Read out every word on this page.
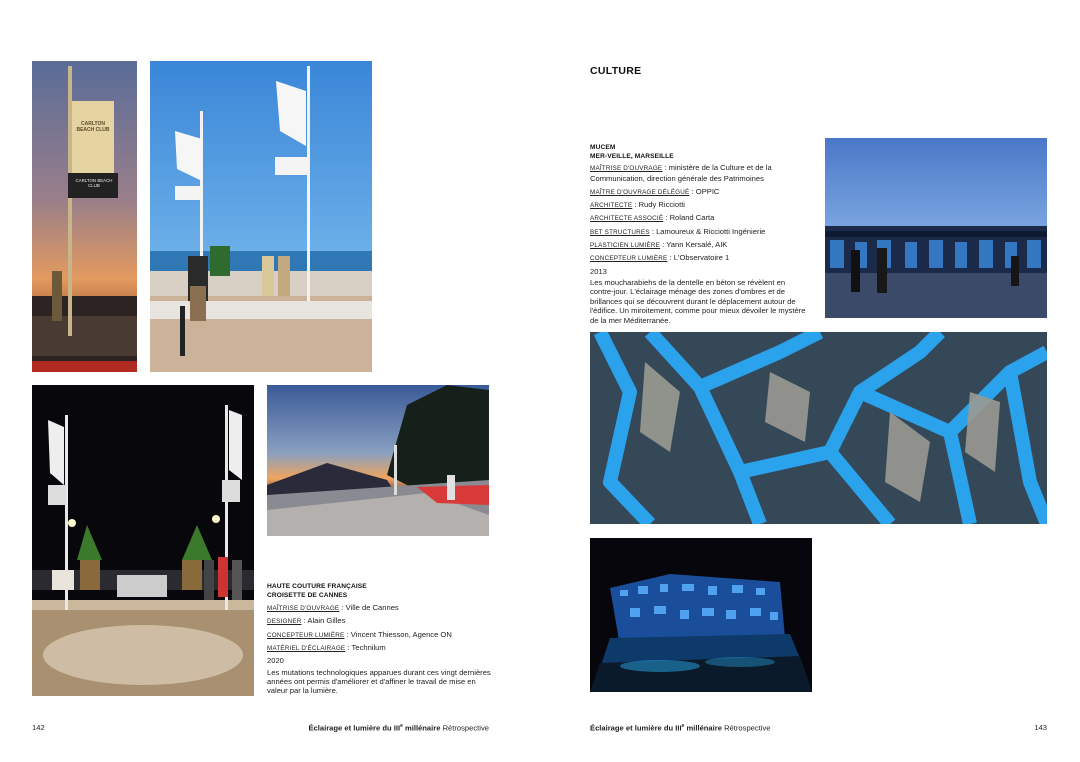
CARLTON BEACH CLUB
CARLTON BEACH CLUB
HAUTE COUTURE FRANÇAISE
CROISETTE DE CANNES
MAÎTRISE D'OUVRAGE : Ville de Cannes
DESIGNER : Alain Gilles
CONCEPTEUR LUMIÈRE : Vincent Thiesson, Agence ON
MATÉRIEL D'ÉCLAIRAGE : Technilum
2020
Les mutations technologiques apparues durant ces vingt dernières années ont permis d'améliorer et d'affiner le travail de mise en valeur par la lumière.
142	Éclairage et lumière du IIIe millénaire Rétrospective
CULTURE
MUCEM
MER-VEILLE, MARSEILLE
MAÎTRISE D'OUVRAGE : ministère de la Culture et de la Communication, direction générale des Patrimoines
MAÎTRE D'OUVRAGE DÉLÉGUÉ : OPPIC
ARCHITECTE : Rudy Ricciotti
ARCHITECTE ASSOCIÉ : Roland Carta
BET STRUCTURES : Lamoureux & Ricciotti Ingénierie
PLASTICIEN LUMIÈRE : Yann Kersalé, AIK
CONCEPTEUR LUMIÈRE : L'Observatoire 1
2013
Les moucharabiehs de la dentelle en béton se révèlent en contre-jour. L'éclairage ménage des zones d'ombres et de brillances qui se découvrent durant le déplacement autour de l'édifice. Un miroitement, comme pour mieux dévoiler le mystère de la mer Méditerranée.
Éclairage et lumière du IIIe millénaire Rétrospective	143
